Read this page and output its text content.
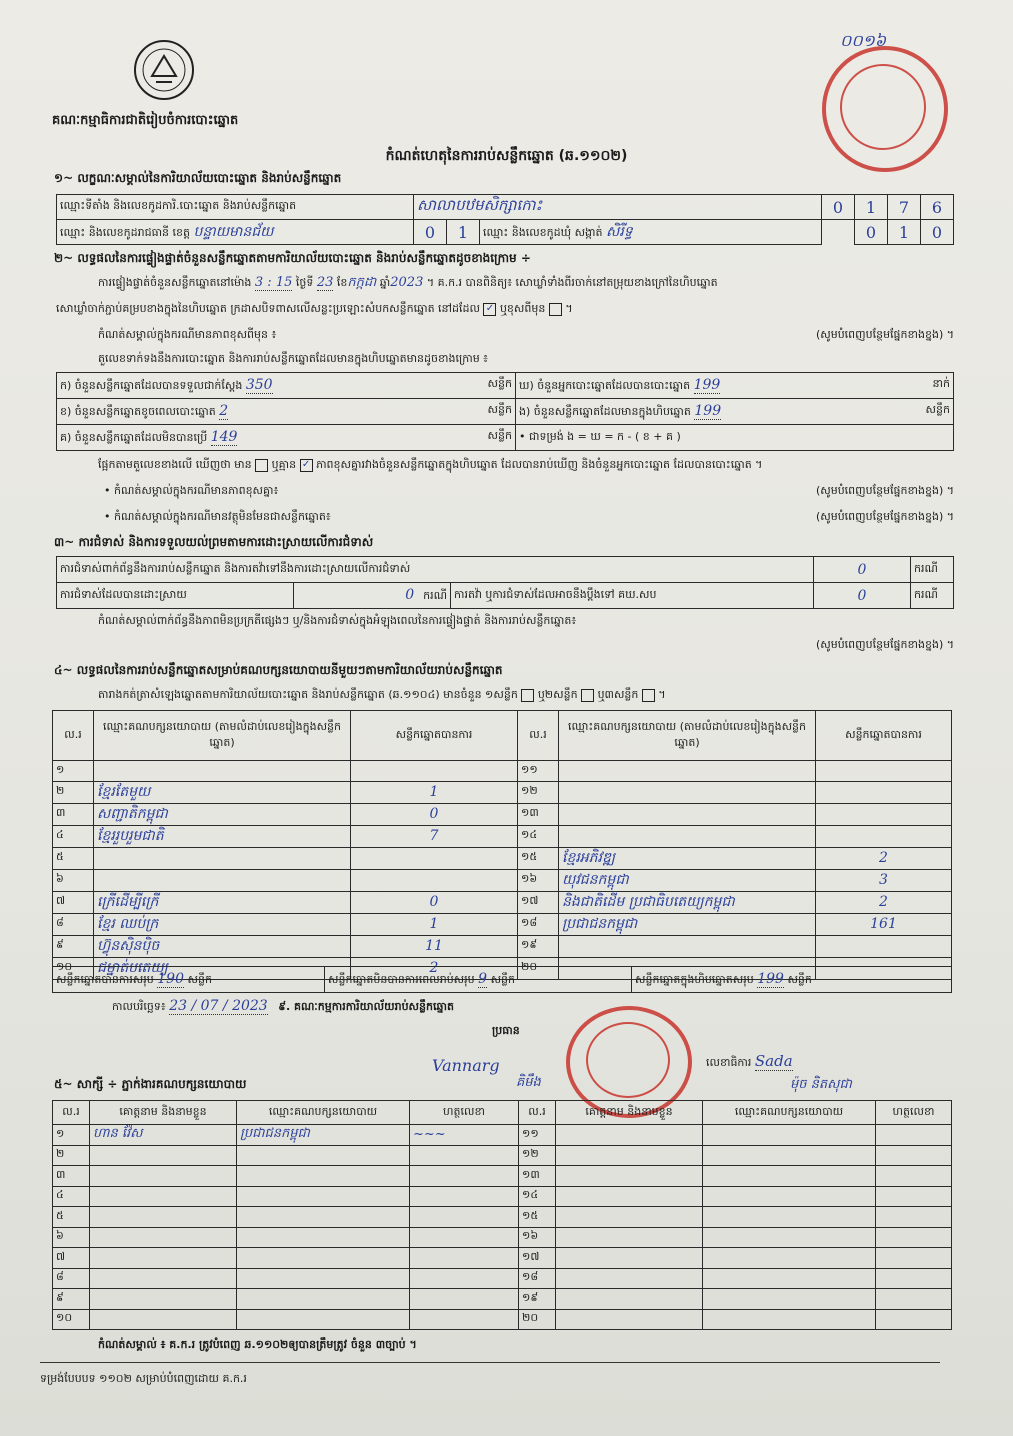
គណៈកម្មាធិការជាតិរៀបចំការបោះឆ្នោត
០០១៦
កំណត់ហេតុនៃការរាប់សន្លឹកឆ្នោត (ឆ.១១០២)
១~ លក្ខណៈសម្គាល់នៃការិយាល័យបោះឆ្នោត និងរាប់សន្លឹកឆ្នោត
ឈ្មោះទីតាំង និងលេខកូដការិ.បោះឆ្នោត និងរាប់សន្លឹកឆ្នោត	សាលាបឋមសិក្សាកោះ			0	1	7	6
ឈ្មោះ និងលេខកូដរាជធានី ខេត្ត បន្ទាយមានជ័យ	0	1	ឈ្មោះ និងលេខកូដឃុំ សង្កាត់ សិរីទ្ធ		0	1	0
២~ លទ្ធផលនៃការផ្ទៀងផ្ទាត់ចំនួនសន្លឹកឆ្នោតតាមការិយាល័យបោះឆ្នោត និងរាប់សន្លឹកឆ្នោតដូចខាងក្រោម ÷
ការផ្ទៀងផ្ទាត់ចំនួនសន្លឹកឆ្នោតនៅម៉ោង 3 : 15 ថ្ងៃទី 23 ខែកក្កដា ឆ្នាំ2023 ។ គ.ក.រ បានពិនិត្យ៖ សោឃ្លាំទាំងពីរចាក់នៅតម្រុយខាងក្រៅនៃហិបឆ្នោត
សោឃ្លាំចាក់ភ្ជាប់គម្របខាងក្នុងនៃហិបឆ្នោត ក្រដាសបិទពាសលើសន្លះប្រឡោះសំបកសន្លឹកឆ្នោត នៅដដែល ✓ ឬខុសពីមុន  ។
កំណត់សម្គាល់ក្នុងករណីមានភាពខុសពីមុន ៖	(សូមបំពេញបន្ថែមផ្នែកខាងខ្នង) ។
តួលេខទាក់ទងនឹងការបោះឆ្នោត និងការរាប់សន្លឹកឆ្នោតដែលមានក្នុងហិបឆ្នោតមានដូចខាងក្រោម ៖
ក) ចំនួនសន្លឹកឆ្នោតដែលបានទទួលជាក់ស្តែង 350 សន្លឹក	ឃ) ចំនួនអ្នកបោះឆ្នោតដែលបានបោះឆ្នោត 199 នាក់

ខ) ចំនួនសន្លឹកឆ្នោតខូចពេលបោះឆ្នោត 2 សន្លឹក	ង) ចំនួនសន្លឹកឆ្នោតដែលមានក្នុងហិបឆ្នោត 199 សន្លឹក

គ) ចំនួនសន្លឹកឆ្នោតដែលមិនបានប្រើ 149 សន្លឹក	• ជាទម្រង់ ង = ឃ = ក - ( ខ + គ )
ផ្អែកតាមតួលេខខាងលើ ឃើញថា មាន ឬគ្មាន ✓ ភាពខុសគ្នារវាងចំនួនសន្លឹកឆ្នោតក្នុងហិបឆ្នោត ដែលបានរាប់ឃើញ និងចំនួនអ្នកបោះឆ្នោត ដែលបានបោះឆ្នោត ។
• កំណត់សម្គាល់ក្នុងករណីមានភាពខុសគ្នា៖	(សូមបំពេញបន្ថែមផ្នែកខាងខ្នង) ។
• កំណត់សម្គាល់ក្នុងករណីមានវត្ថុមិនមែនជាសន្លឹកឆ្នោត៖	(សូមបំពេញបន្ថែមផ្នែកខាងខ្នង) ។
៣~ ការជំទាស់ និងការទទួលយល់ព្រមតាមការដោះស្រាយលើការជំទាស់
ការជំទាស់ពាក់ព័ន្ធនឹងការរាប់សន្លឹកឆ្នោត និងការតវ៉ាទៅនឹងការដោះស្រាយលើការជំទាស់			0	ករណី
ការជំទាស់ដែលបានដោះស្រាយ	0 ករណី	ការតវ៉ា ឬការជំទាស់ដែលអាចនឹងប្តឹងទៅ គឃ.សប	0	ករណី
កំណត់សម្គាល់ពាក់ព័ន្ធនឹងភាពមិនប្រក្រតីផ្សេងៗ ឬ/និងការជំទាស់ក្នុងអំឡុងពេលនៃការផ្ទៀងផ្ទាត់ និងការរាប់សន្លឹកឆ្នោត៖
(សូមបំពេញបន្ថែមផ្នែកខាងខ្នង) ។
៤~ លទ្ធផលនៃការរាប់សន្លឹកឆ្នោតសម្រាប់គណបក្សនយោបាយនីមួយៗតាមការិយាល័យរាប់សន្លឹកឆ្នោត
តារាងកត់ត្រាសំឡេងឆ្នោតតាមការិយាល័យបោះឆ្នោត និងរាប់សន្លឹកឆ្នោត (ឆ.១១០៤) មានចំនួន ១សន្លឹក ឬ២សន្លឹក ឬ៣សន្លឹក  ។
ល.រ	ឈ្មោះគណបក្សនយោបាយ (តាមលំដាប់លេខរៀងក្នុងសន្លឹកឆ្នោត)	សន្លឹកឆ្នោតបានការ	ល.រ	ឈ្មោះគណបក្សនយោបាយ (តាមលំដាប់លេខរៀងក្នុងសន្លឹកឆ្នោត)	សន្លឹកឆ្នោតបានការ
១			១១		
២	ខ្មែរតែមួយ	1	១២		
៣	សញ្ជាតិកម្ពុជា	0	១៣		
៤	ខ្មែររួបរួមជាតិ	7	១៤		
៥			១៥	ខ្មែរអភិវឌ្ឍ	2
៦			១៦	យុវជនកម្ពុជា	3
៧	ក្រើដើម្បីក្រើ	0	១៧	និងជាតិដើម ប្រជាធិបតេយ្យកម្ពុជា	2
៨	ខ្មែរ ឈប់ក្រ	1	១៨	ប្រជាជនកម្ពុជា	161
៩	ហ៊្វុនស៊ិនប៉ិច	11	១៩		
១០	ជម្នាត់បតេយ្យ	2	២០		
សន្លឹកឆ្នោតបានការសរុប 190 សន្លឹក	សន្លឹកឆ្នោតមិនបានការពេលរាប់សរុប 9 សន្លឹក	សន្លឹកឆ្នោតក្នុងហិបឆ្នោតសរុប 199 សន្លឹក
កាលបរិច្ឆេទ៖ 23 / 07 / 2023 ៩. គណៈកម្មការការិយាល័យរាប់សន្លឹកឆ្នោត
ប្រធាន
Vannarg
គិមឹង
លេខាធិការ Sada
ម៉ុច និតសុជា
៥~ សាក្សី ÷ ភ្នាក់ងារគណបក្សនយោបាយ
ល.រ	គោត្តនាម និងនាមខ្លួន	ឈ្មោះគណបក្សនយោបាយ	ហត្ថលេខា	ល.រ	គោត្តនាម និងនាមខ្លួន	ឈ្មោះគណបក្សនយោបាយ	ហត្ថលេខា
១	ហាន វ៉ែស	ប្រជាជនកម្ពុជា	~~~	១១			
២				១២			
៣				១៣			
៤				១៤			
៥				១៥			
៦				១៦			
៧				១៧			
៨				១៨			
៩				១៩			
១០				២០			
កំណត់សម្គាល់ ៖ គ.ក.រ ត្រូវបំពេញ ឆ.១១០២ឲ្យបានត្រឹមត្រូវ ចំនួន ៣ច្បាប់ ។
ទម្រង់បែបបទ ១១០២ សម្រាប់បំពេញដោយ គ.ក.រ
